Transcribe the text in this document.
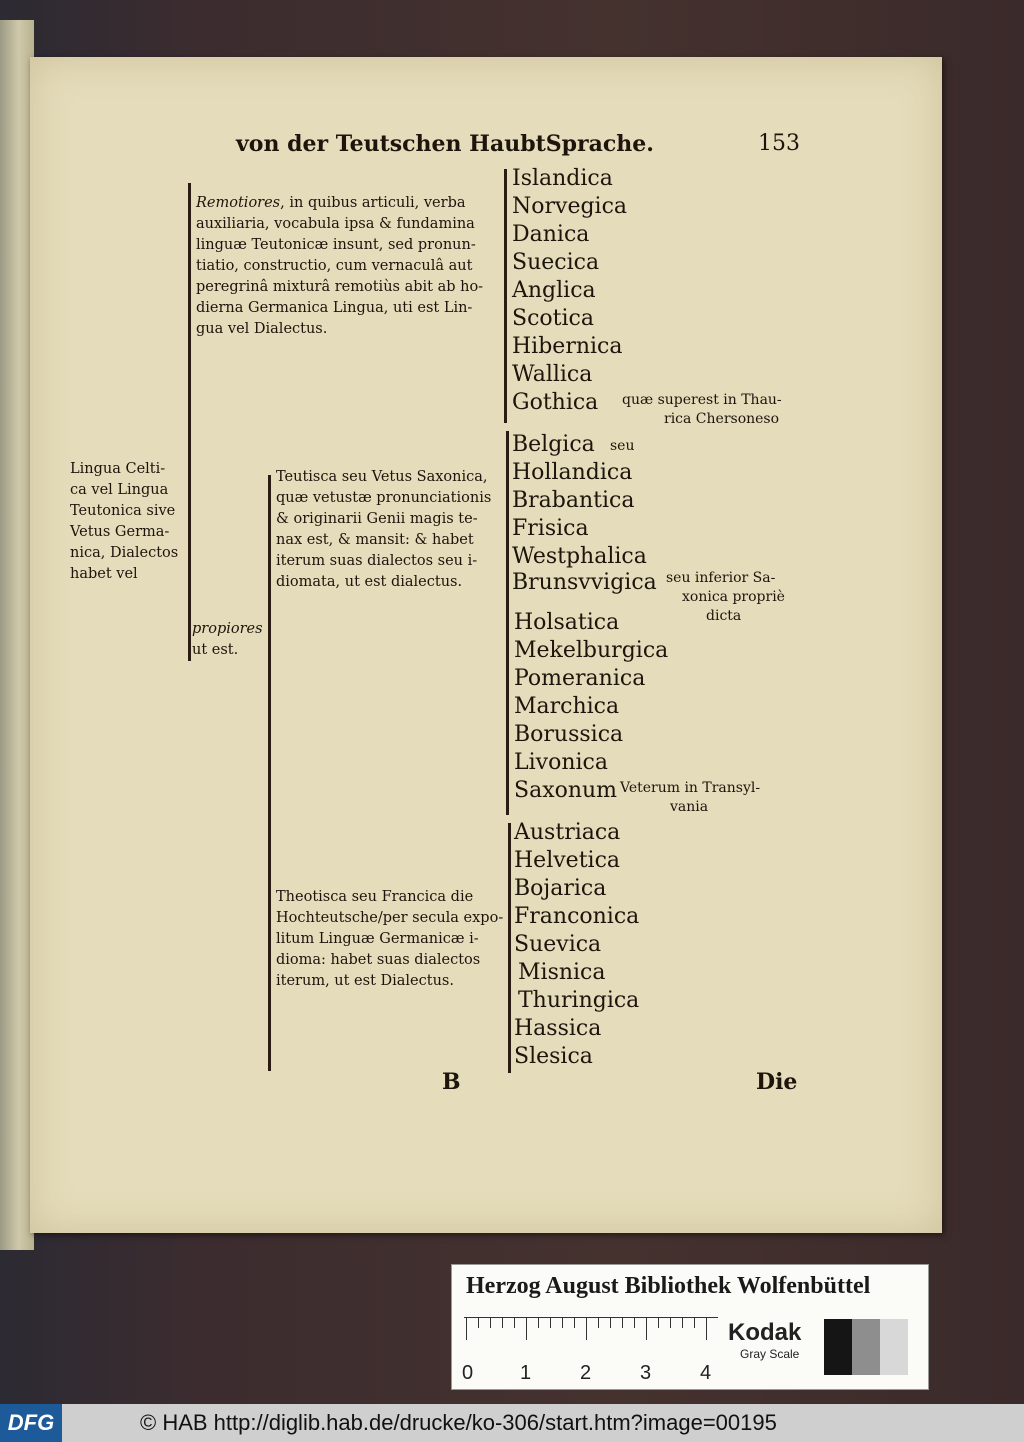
von der Teutschen HaubtSprache.	153
Lingua Celti-
ca vel Lingua
Teutonica sive
Vetus Germa-
nica, Dialectos
habet vel
Remotiores, in quibus articuli, verba
auxiliaria, vocabula ipsa & fundamina
linguæ Teutonicæ insunt, sed pronun-
tiatio, constructio, cum vernaculâ aut
peregrinâ mixturâ remotiùs abit ab ho-
dierna Germanica Lingua, uti est Lin-
gua vel Dialectus.
Islandica
Norvegica
Danica
Suecica
Anglica
Scotica
Hibernica
Wallica
Gothica quæ superest in Thau-
rica Chersoneso
propiores
ut est.
Teutisca seu Vetus Saxonica,
quæ vetustæ pronunciationis
& originarii Genii magis te-
nax est, & mansit: & habet
iterum suas dialectos seu i-
diomata, ut est dialectus.
Belgica seu
Hollandica
Brabantica
Frisica
Westphalica
Brunsvvigica seu inferior Sa-
xonica propriè
dicta
Holsatica
Mekelburgica
Pomeranica
Marchica
Borussica
Livonica
Saxonum Veterum in Transyl-
vania
Theotisca seu Francica die
Hochteutsche/per secula expo-
litum Linguæ Germanicæ i-
dioma: habet suas dialectos
iterum, ut est Dialectus.
Austriaca
Helvetica
Bojarica
Franconica
Suevica
Misnica
Thuringica
Hassica
Slesica
B	Die
Herzog August Bibliothek Wolfenbüttel
0 1 2 3 4
Kodak
Gray Scale
DFG	© HAB http://diglib.hab.de/drucke/ko-306/start.htm?image=00195
